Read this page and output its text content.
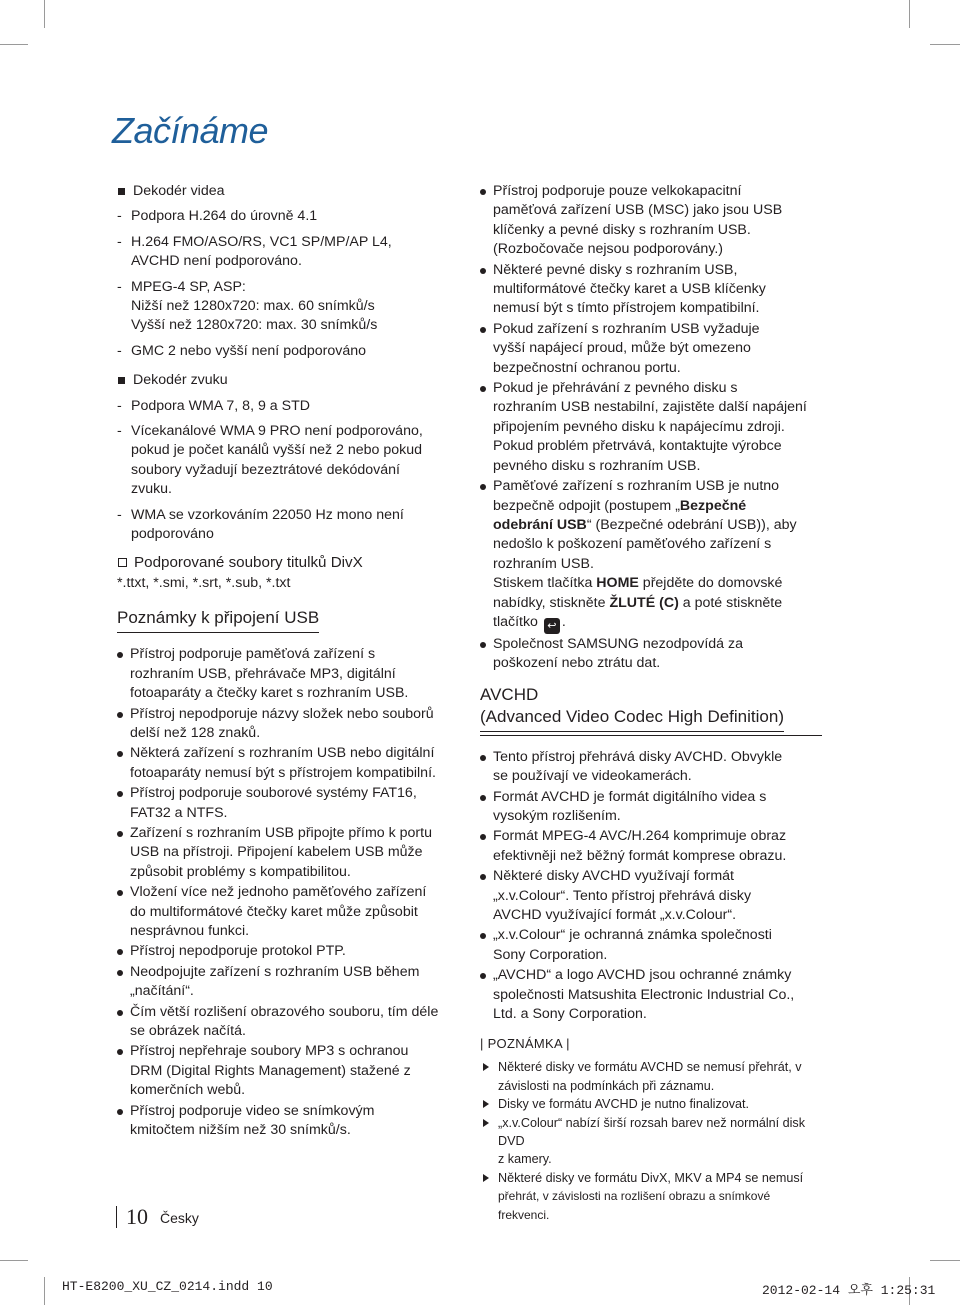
Začínáme
Dekodér videa
- Podpora H.264 do úrovně 4.1
- H.264 FMO/ASO/RS, VC1 SP/MP/AP L4,
AVCHD není podporováno.
- MPEG-4 SP, ASP:
Nižší než 1280x720: max. 60 snímků/s
Vyšší než 1280x720: max. 30 snímků/s
- GMC 2 nebo vyšší není podporováno
Dekodér zvuku
- Podpora WMA 7, 8, 9 a STD
- Vícekanálové WMA 9 PRO není podporováno,
pokud je počet kanálů vyšší než 2 nebo pokud
soubory vyžadují bezeztrátové dekódování
zvuku.
- WMA se vzorkováním 22050 Hz mono není
podporováno
Podporované soubory titulků DivX
*.ttxt, *.smi, *.srt, *.sub, *.txt
Poznámky k připojení USB
Přístroj podporuje paměťová zařízení s
rozhraním USB, přehrávače MP3, digitální
fotoaparáty a čtečky karet s rozhraním USB.
Přístroj nepodporuje názvy složek nebo souborů
delší než 128 znaků.
Některá zařízení s rozhraním USB nebo digitální
fotoaparáty nemusí být s přístrojem kompatibilní.
Přístroj podporuje souborové systémy FAT16,
FAT32 a NTFS.
Zařízení s rozhraním USB připojte přímo k portu
USB na přístroji. Připojení kabelem USB může
způsobit problémy s kompatibilitou.
Vložení více než jednoho paměťového zařízení
do multiformátové čtečky karet může způsobit
nesprávnou funkci.
Přístroj nepodporuje protokol PTP.
Neodpojujte zařízení s rozhraním USB během
„načítání“.
Čím větší rozlišení obrazového souboru, tím déle
se obrázek načítá.
Přístroj nepřehraje soubory MP3 s ochranou
DRM (Digital Rights Management) stažené z
komerčních webů.
Přístroj podporuje video se snímkovým
kmitočtem nižším než 30 snímků/s.
Přístroj podporuje pouze velkokapacitní
paměťová zařízení USB (MSC) jako jsou USB
klíčenky a pevné disky s rozhraním USB.
(Rozbočovače nejsou podporovány.)
Některé pevné disky s rozhraním USB,
multiformátové čtečky karet a USB klíčenky
nemusí být s tímto přístrojem kompatibilní.
Pokud zařízení s rozhraním USB vyžaduje
vyšší napájecí proud, může být omezeno
bezpečnostní ochranou portu.
Pokud je přehrávání z pevného disku s
rozhraním USB nestabilní, zajistěte další napájení
připojením pevného disku k napájecímu zdroji.
Pokud problém přetrvává, kontaktujte výrobce
pevného disku s rozhraním USB.
Paměťové zařízení s rozhraním USB je nutno
bezpečně odpojit (postupem „Bezpečné
odebrání USB“ (Bezpečné odebrání USB)), aby
nedošlo k poškození paměťového zařízení s
rozhraním USB.
Stiskem tlačítka HOME přejděte do domovské
nabídky, stiskněte ŽLUTÉ (C) a poté stiskněte
tlačítko ↩ .
Společnost SAMSUNG nezodpovídá za
poškození nebo ztrátu dat.
AVCHD
(Advanced Video Codec High Definition)
Tento přístroj přehrává disky AVCHD. Obvykle
se používají ve videokamerách.
Formát AVCHD je formát digitálního videa s
vysokým rozlišením.
Formát MPEG-4 AVC/H.264 komprimuje obraz
efektivněji než běžný formát komprese obrazu.
Některé disky AVCHD využívají formát
„x.v.Colour“. Tento přístroj přehrává disky
AVCHD využívající formát „x.v.Colour“.
„x.v.Colour“ je ochranná známka společnosti
Sony Corporation.
„AVCHD“ a logo AVCHD jsou ochranné známky
společnosti Matsushita Electronic Industrial Co.,
Ltd. a Sony Corporation.
| POZNÁMKA |
Některé disky ve formátu AVCHD se nemusí přehrát, v
závislosti na podmínkách při záznamu.
Disky ve formátu AVCHD je nutno finalizovat.
„x.v.Colour“ nabízí širší rozsah barev než normální disk DVD
z kamery.
Některé disky ve formátu DivX, MKV a MP4 se nemusí
přehrát, v závislosti na rozlišení obrazu a snímkové frekvenci.
10 Česky
HT-E8200_XU_CZ_0214.indd 10	2012-02-14 오후 1:25:31
